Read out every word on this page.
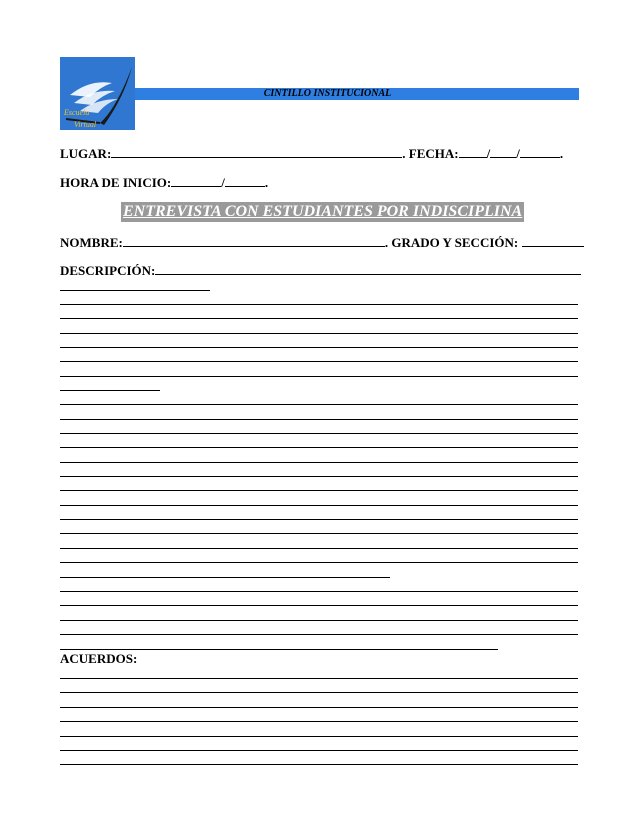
Escuela
Virtual
CINTILLO INSTITUCIONAL
LUGAR:	. FECHA: / /	.
HORA DE INICIO:	/	.
ENTREVISTA CON ESTUDIANTES POR INDISCIPLINA
NOMBRE:	. GRADO Y SECCIÓN:
DESCRIPCIÓN:
ACUERDOS:
